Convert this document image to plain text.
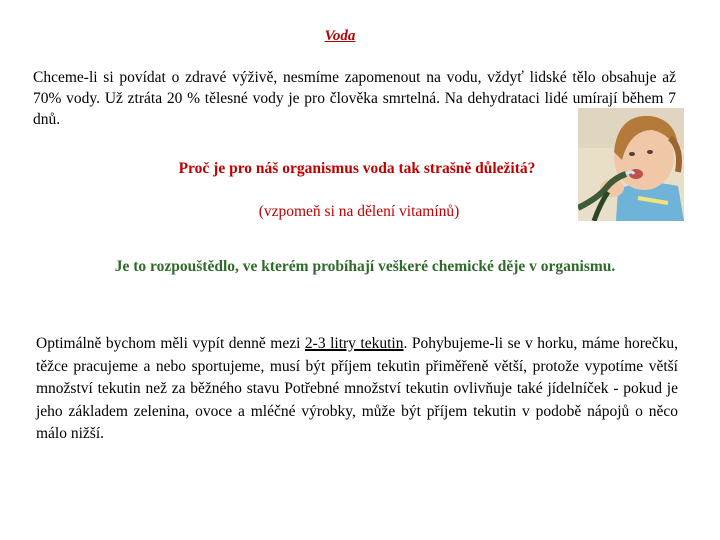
Voda
Chceme-li si povídat o zdravé výživě, nesmíme zapomenout na vodu, vždyť lidské tělo obsahuje až 70% vody. Už ztráta 20 % tělesné vody je pro člověka smrtelná. Na dehydrataci lidé umírají během 7 dnů.
Proč je pro náš organismus voda tak strašně důležitá?
(vzpomeň si na dělení vitamínů)
Je to rozpouštědlo, ve kterém probíhají veškeré chemické děje v organismu.
Optimálně bychom měli vypít denně mezi 2-3 litry tekutin. Pohybujeme-li se v horku, máme horečku, těžce pracujeme a nebo sportujeme, musí být příjem tekutin přiměřeně větší, protože vypotíme větší množství tekutin než za běžného stavu Potřebné množství tekutin ovlivňuje také jídelníček - pokud je jeho základem zelenina, ovoce a mléčné výrobky, může být příjem tekutin v podobě nápojů o něco málo nižší.
